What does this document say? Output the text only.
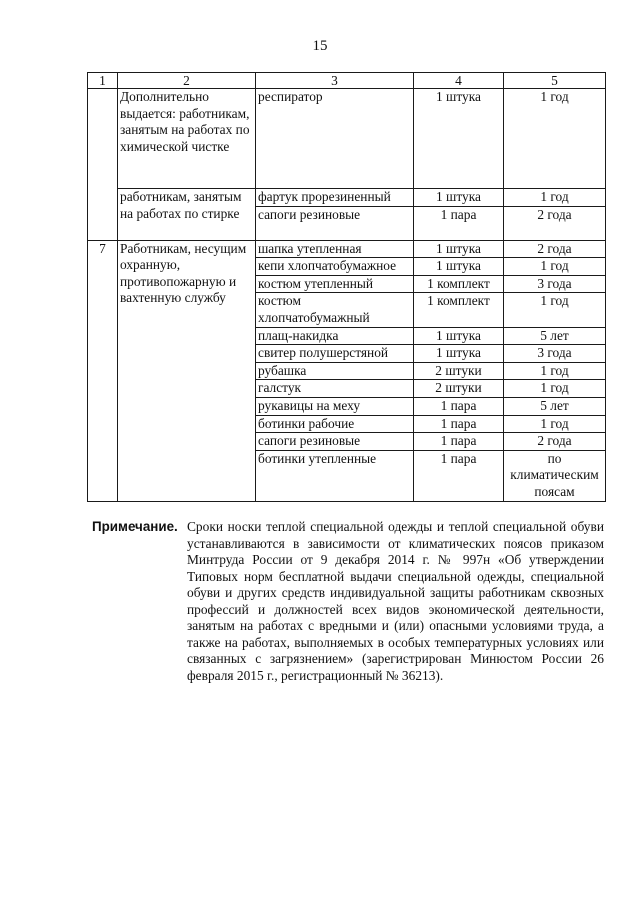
15
1	2	3	4	5
	Дополнительно выдается: работникам, занятым на работах по химической чистке	респиратор	1 штука	1 год
	работникам, занятым на работах по стирке	фартук прорезиненный	1 штука	1 год
		сапоги резиновые	1 пара	2 года
7	Работникам, несущим охранную, противопожарную и вахтенную службу	шапка утепленная	1 штука	2 года
		кепи хлопчатобумажное	1 штука	1 год
		костюм утепленный	1 комплект	3 года
		костюм хлопчатобумажный	1 комплект	1 год
		плащ-накидка	1 штука	5 лет
		свитер полушерстяной	1 штука	3 года
		рубашка	2 штуки	1 год
		галстук	2 штуки	1 год
		рукавицы на меху	1 пара	5 лет
		ботинки рабочие	1 пара	1 год
		сапоги резиновые	1 пара	2 года
		ботинки утепленные	1 пара	по климатическим поясам
Примечание. Сроки носки теплой специальной одежды и теплой специальной обуви устанавливаются в зависимости от климатических поясов приказом Минтруда России от 9 декабря 2014 г. № 997н «Об утверждении Типовых норм бесплатной выдачи специальной одежды, специальной обуви и других средств индивидуальной защиты работникам сквозных профессий и должностей всех видов экономической деятельности, занятым на работах с вредными и (или) опасными условиями труда, а также на работах, выполняемых в особых температурных условиях или связанных с загрязнением» (зарегистрирован Минюстом России 26 февраля 2015 г., регистрационный № 36213).
